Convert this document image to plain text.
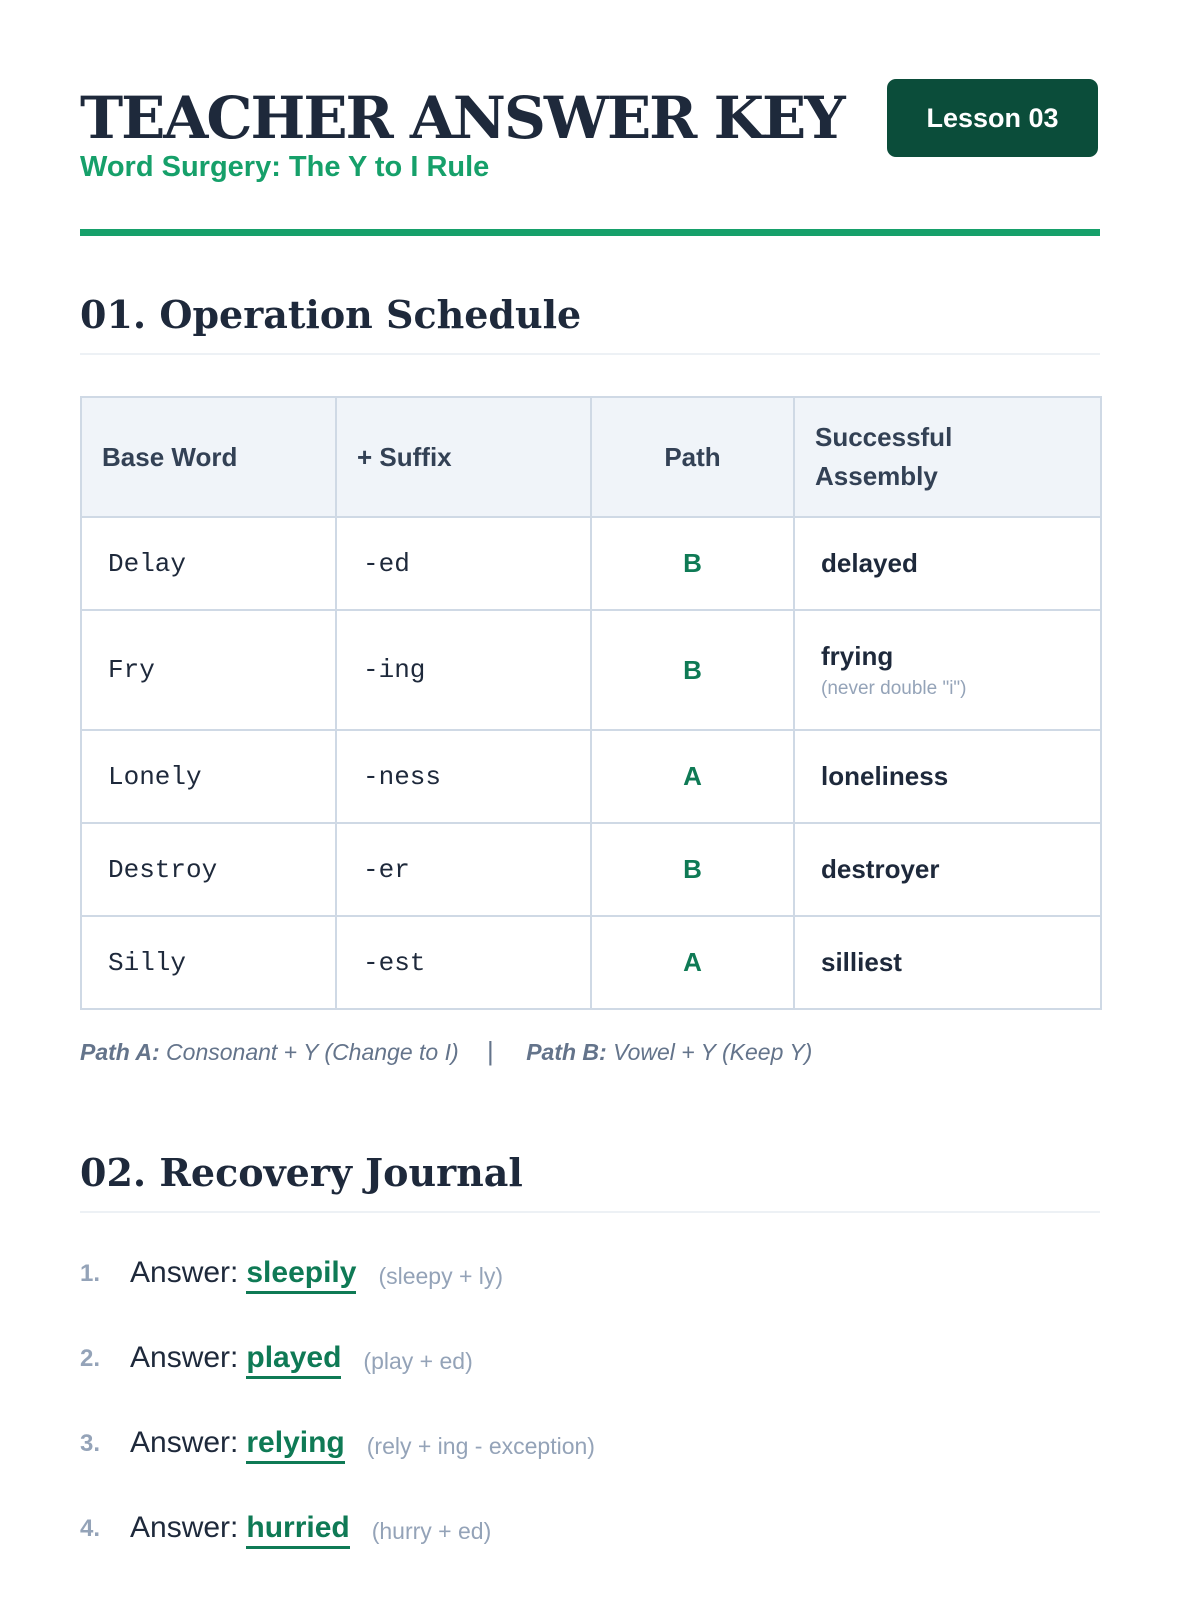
TEACHER ANSWER KEY
Word Surgery: The Y to I Rule
Lesson 03
01. Operation Schedule
Base Word	+ Suffix	Path	Successful Assembly
Delay	-ed	B	delayed

Fry	-ing	B	frying
(never double "i")

Lonely	-ness	A	loneliness

Destroy	-er	B	destroyer

Silly	-est	A	silliest
Path A: Consonant + Y (Change to I) | Path B: Vowel + Y (Keep Y)
02. Recovery Journal
1. Answer: sleepily (sleepy + ly)
2. Answer: played (play + ed)
3. Answer: relying (rely + ing - exception)
4. Answer: hurried (hurry + ed)
